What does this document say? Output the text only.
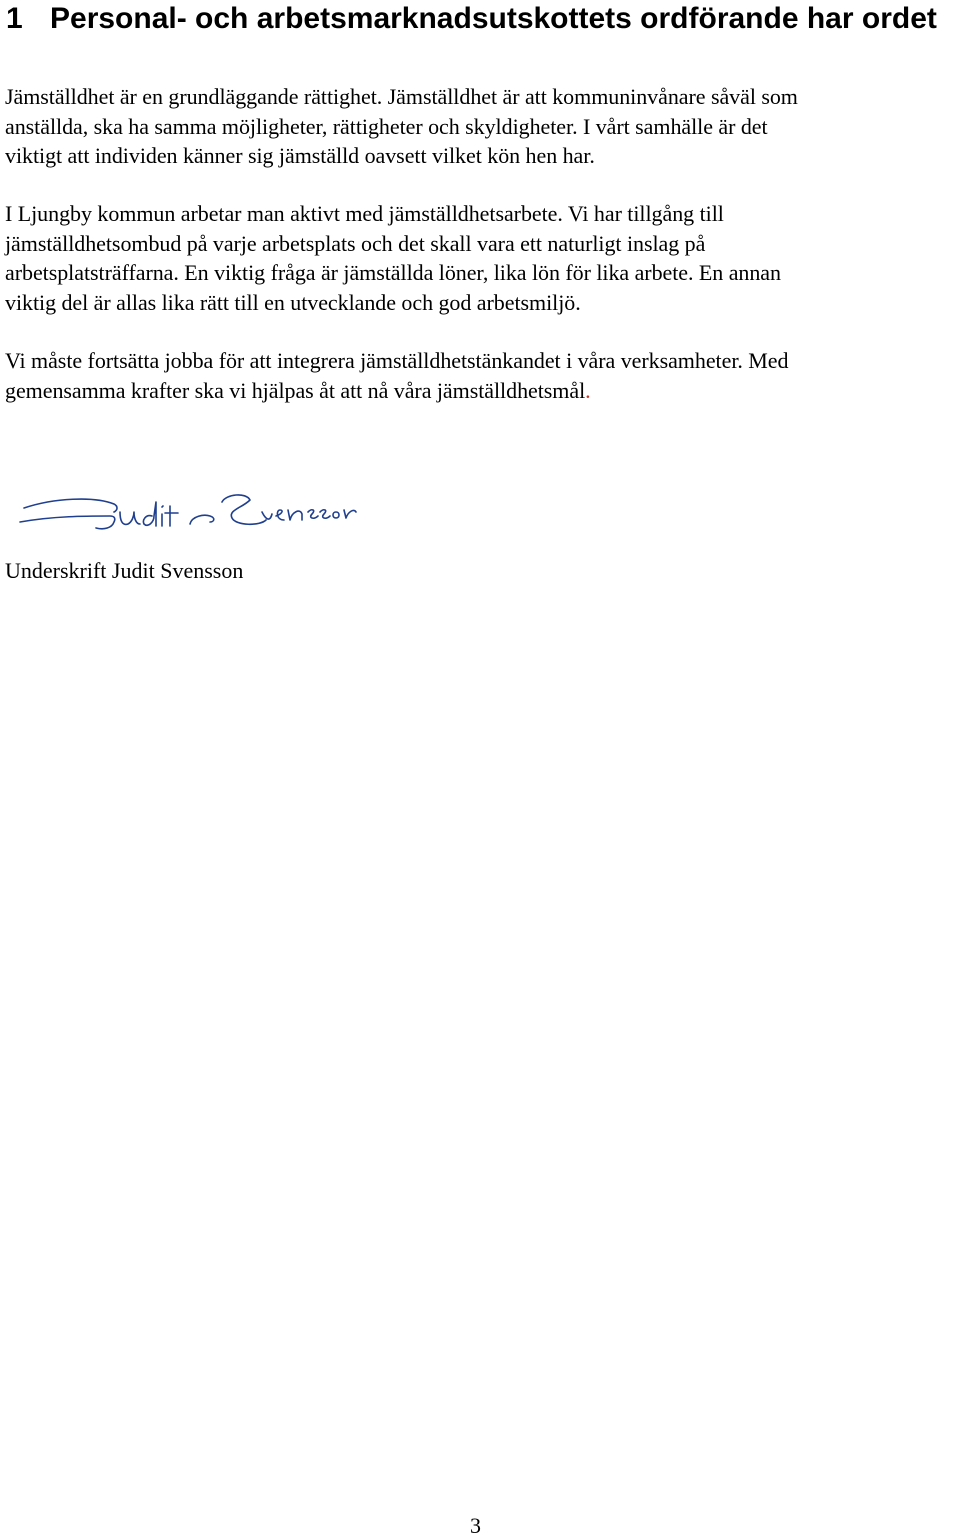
1 Personal- och arbetsmarknadsutskottets ordförande har ordet

Jämställdhet är en grundläggande rättighet. Jämställdhet är att kommuninvånare såväl som
anställda, ska ha samma möjligheter, rättigheter och skyldigheter. I vårt samhälle är det
viktigt att individen känner sig jämställd oavsett vilket kön hen har.

I Ljungby kommun arbetar man aktivt med jämställdhetsarbete. Vi har tillgång till
jämställdhetsombud på varje arbetsplats och det skall vara ett naturligt inslag på
arbetsplatsträffarna. En viktig fråga är jämställda löner, lika lön för lika arbete. En annan
viktig del är allas lika rätt till en utvecklande och god arbetsmiljö.

Vi måste fortsätta jobba för att integrera jämställdhetstänkandet i våra verksamheter. Med
gemensamma krafter ska vi hjälpas åt att nå våra jämställdhetsmål.

Underskrift Judit Svensson

3
